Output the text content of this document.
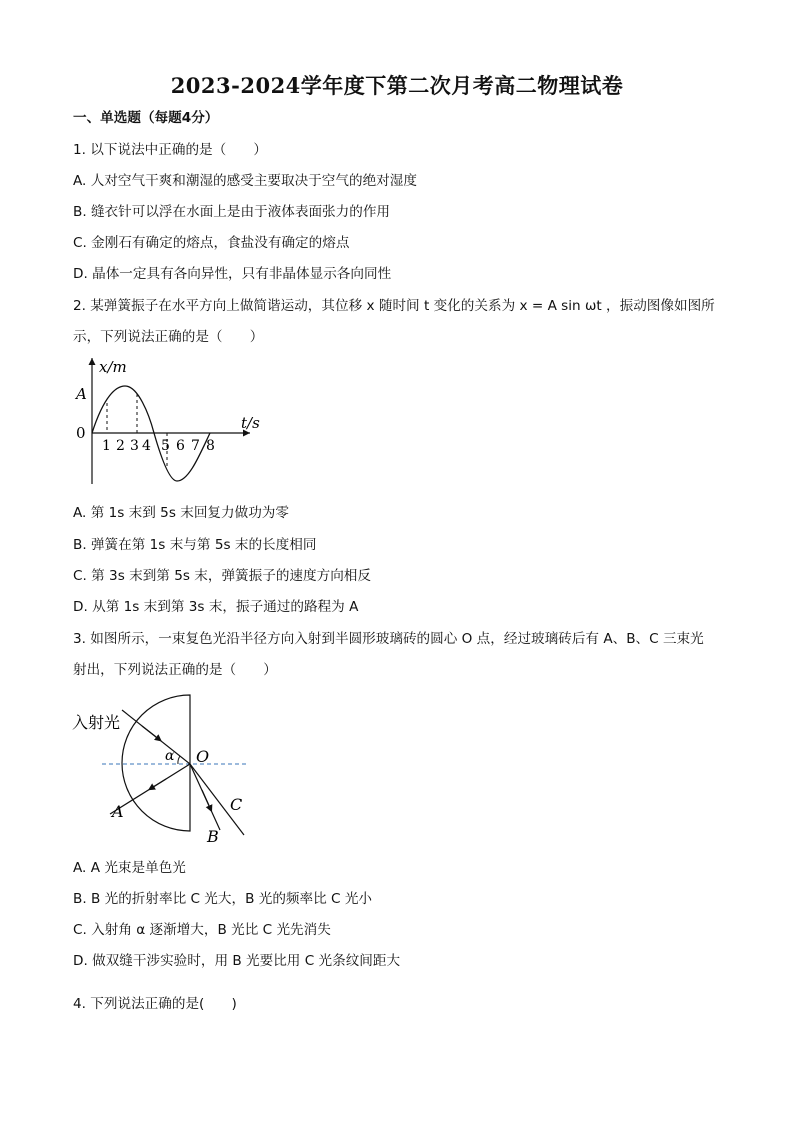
2023-2024学年度下第二次月考高二物理试卷
一、单选题（每题4分）
1. 以下说法中正确的是（　　）
A. 人对空气干爽和潮湿的感受主要取决于空气的绝对湿度
B. 缝衣针可以浮在水面上是由于液体表面张力的作用
C. 金刚石有确定的熔点，食盐没有确定的熔点
D. 晶体一定具有各向异性，只有非晶体显示各向同性
2. 某弹簧振子在水平方向上做简谐运动，其位移 x 随时间 t 变化的关系为 x = A sin ωt ，振动图像如图所
示，下列说法正确的是（　　）
x/m
A
0
t/s
1 2 3 4 5 6 7 8
A. 第 1s 末到 5s 末回复力做功为零
B. 弹簧在第 1s 末与第 5s 末的长度相同
C. 第 3s 末到第 5s 末，弹簧振子的速度方向相反
D. 从第 1s 末到第 3s 末，振子通过的路程为 A
3. 如图所示，一束复色光沿半径方向入射到半圆形玻璃砖的圆心 O 点，经过玻璃砖后有 A、B、C 三束光
射出，下列说法正确的是（　　）
入射光
α O
A
B
C
A. A 光束是单色光
B. B 光的折射率比 C 光大，B 光的频率比 C 光小
C. 入射角 α 逐渐增大，B 光比 C 光先消失
D. 做双缝干涉实验时，用 B 光要比用 C 光条纹间距大
4. 下列说法正确的是(　　)
